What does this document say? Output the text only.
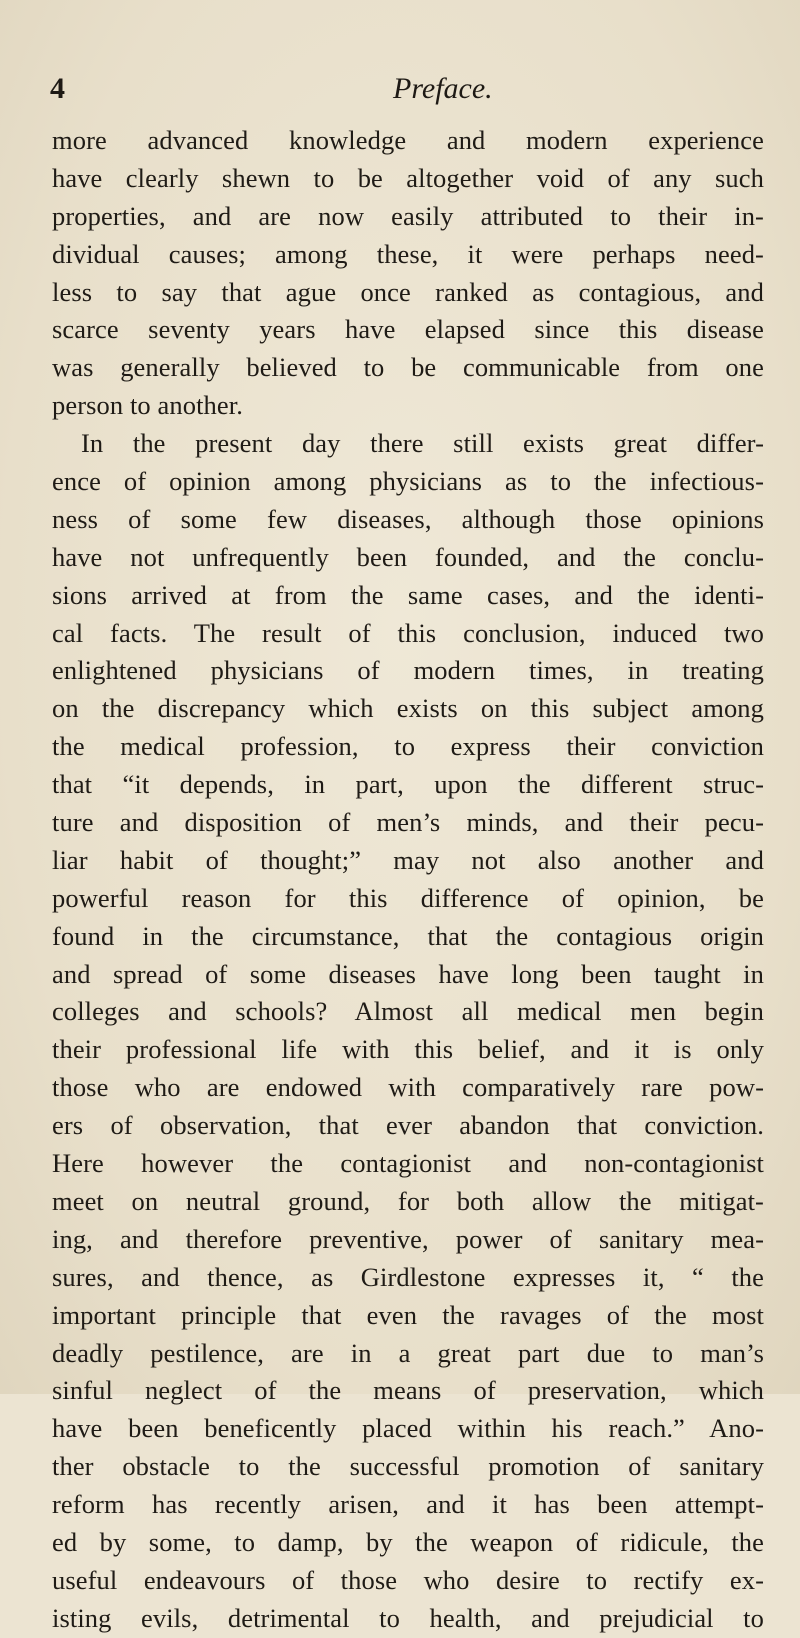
4	Preface.
more advanced knowledge and modern experience
have clearly shewn to be altogether void of any such
properties, and are now easily attributed to their in-
dividual causes; among these, it were perhaps need-
less to say that ague once ranked as contagious, and
scarce seventy years have elapsed since this disease
was generally believed to be communicable from one
person to another.
In the present day there still exists great differ-
ence of opinion among physicians as to the infectious-
ness of some few diseases, although those opinions
have not unfrequently been founded, and the conclu-
sions arrived at from the same cases, and the identi-
cal facts. The result of this conclusion, induced two
enlightened physicians of modern times, in treating
on the discrepancy which exists on this subject among
the medical profession, to express their conviction
that “it depends, in part, upon the different struc-
ture and disposition of men’s minds, and their pecu-
liar habit of thought;” may not also another and
powerful reason for this difference of opinion, be
found in the circumstance, that the contagious origin
and spread of some diseases have long been taught in
colleges and schools? Almost all medical men begin
their professional life with this belief, and it is only
those who are endowed with comparatively rare pow-
ers of observation, that ever abandon that conviction.
Here however the contagionist and non-contagionist
meet on neutral ground, for both allow the mitigat-
ing, and therefore preventive, power of sanitary mea-
sures, and thence, as Girdlestone expresses it, “ the
important principle that even the ravages of the most
deadly pestilence, are in a great part due to man’s
sinful neglect of the means of preservation, which
have been beneficently placed within his reach.” Ano-
ther obstacle to the successful promotion of sanitary
reform has recently arisen, and it has been attempt-
ed by some, to damp, by the weapon of ridicule, the
useful endeavours of those who desire to rectify ex-
isting evils, detrimental to health, and prejudicial to
